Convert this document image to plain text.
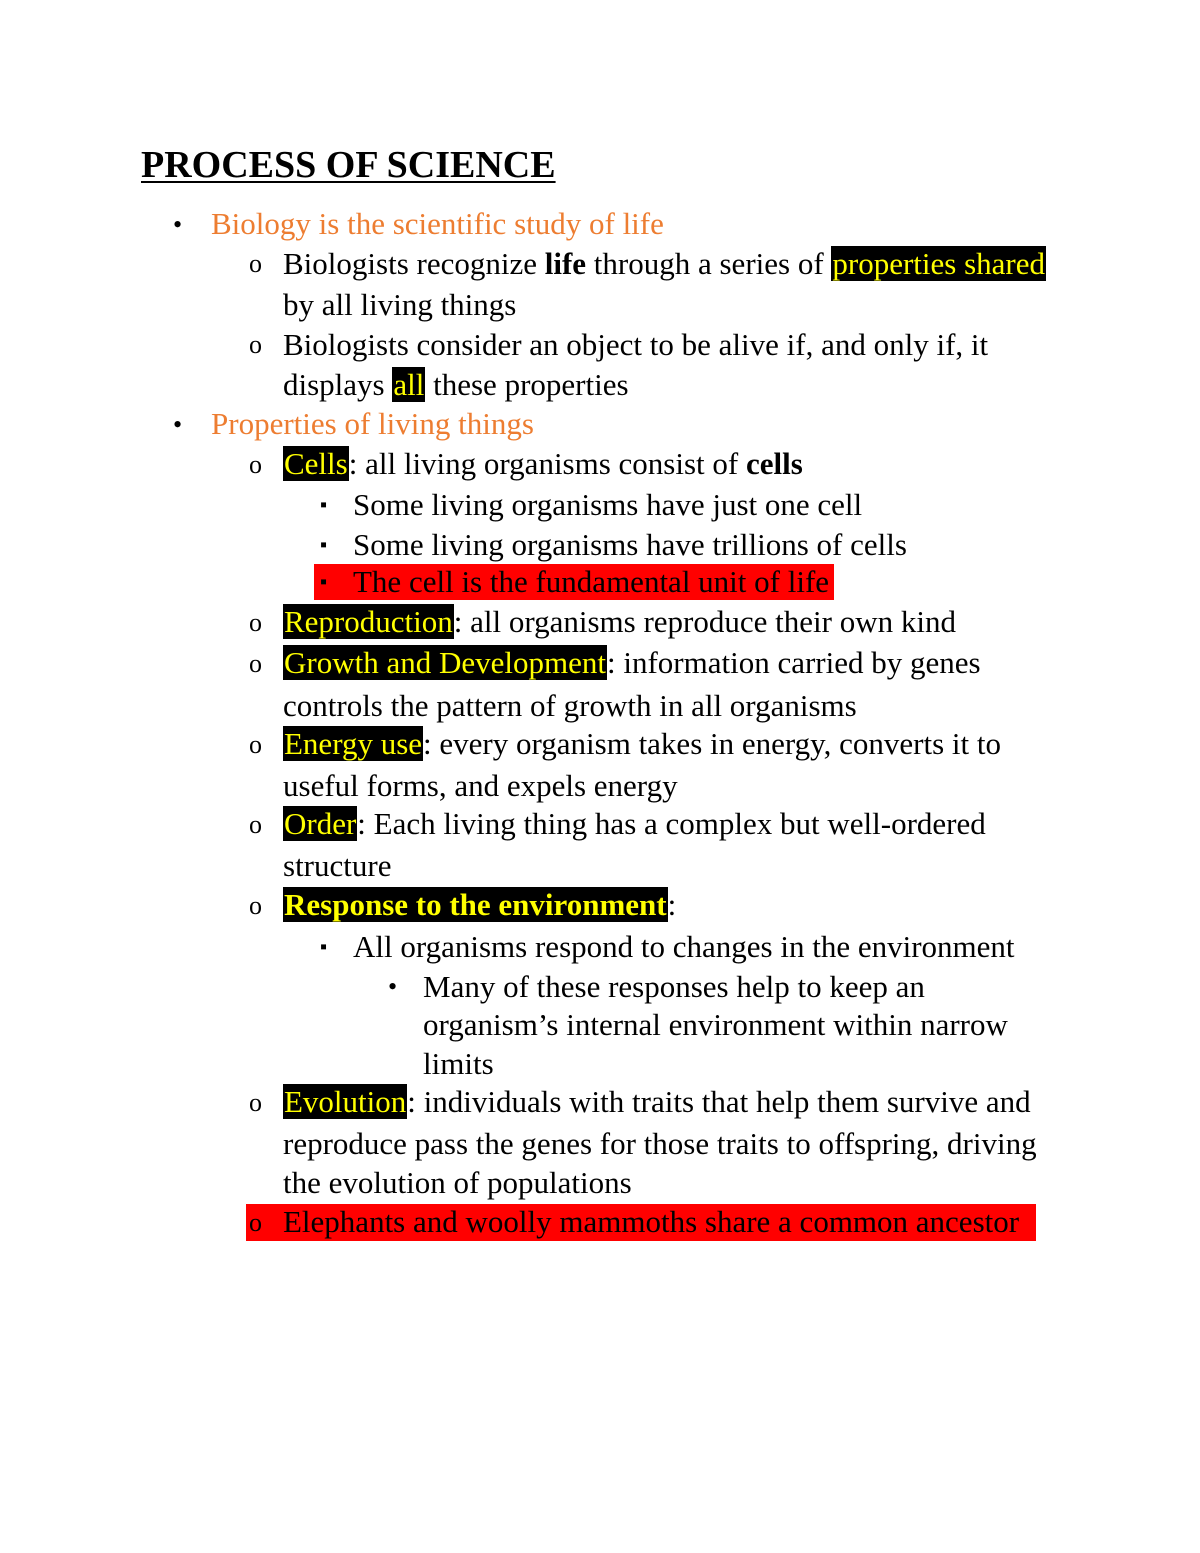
PROCESS OF SCIENCE
• Biology is the scientific study of life
o Biologists recognize life through a series of properties shared
by all living things
o Biologists consider an object to be alive if, and only if, it
displays all these properties
• Properties of living things
o Cells: all living organisms consist of cells
▪ Some living organisms have just one cell
▪ Some living organisms have trillions of cells
▪ The cell is the fundamental unit of life
o Reproduction: all organisms reproduce their own kind
o Growth and Development: information carried by genes
controls the pattern of growth in all organisms
o Energy use: every organism takes in energy, converts it to
useful forms, and expels energy
o Order: Each living thing has a complex but well-ordered
structure
o Response to the environment:
▪ All organisms respond to changes in the environment
• Many of these responses help to keep an
organism’s internal environment within narrow
limits
o Evolution: individuals with traits that help them survive and
reproduce pass the genes for those traits to offspring, driving
the evolution of populations
o Elephants and woolly mammoths share a common ancestor
